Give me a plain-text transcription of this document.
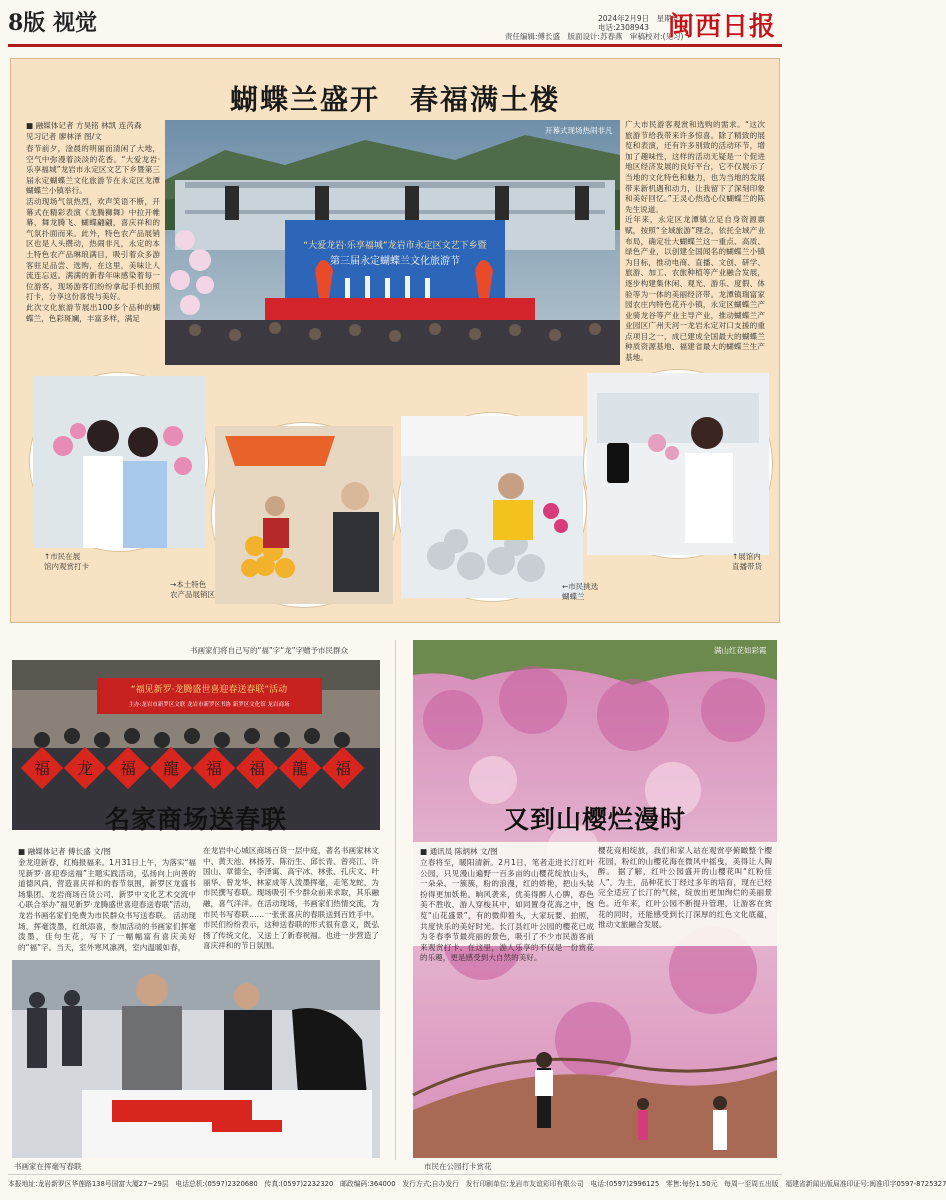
8版 视觉	2024年2月9日　星期五
电话:2308943
责任编辑:傅长盛　版面设计:苏春燕　审稿校对:(见习)
闽西日报
蝴蝶兰盛开　春福满土楼
■ 融媒体记者 方昊铭 林凯 连芮森
见习记者 廖林泽 图/文
春节前夕，淦晨的明丽而清闲了大地，空气中弥漫着淡淡的花香。“大爱龙岩·乐享福城”龙岩市永定区文艺下乡暨第三届永定蝴蝶兰文化旅游节在永定区龙潭蝴蝶兰小镇举行。
活动现场气氛热烈，欢声笑语不断，开幕式在精彩表演《龙腾狮舞》中拉开帷幕，舞龙腾飞、蝴蝶翩翩，喜庆祥和的气氛扑面而来。此外，特色农产品展销区也是人头攒动，热闹非凡，永定的本土特色农产品琳琅满目，吸引着众多游客驻足品尝、选购，在这里，美味让人流连忘返。满满的新春年味感染着每一位游客，现场游客们纷纷拿起手机拍照打卡，分享这份喜悦与美好。
此次文化旅游节展出100多个品种的蝴蝶兰，色彩斑斓，丰富多样，满足
广大市民游客观赏和选购的需求。“这次旅游节给我带来许多惊喜。除了精致的展览和表演，还有许多别致的活动环节，增加了趣味性，这样的活动无疑是一个促进地区经济发展的良好平台，它不仅展示了当地的文化特色和魅力，也为当地的发展带来新机遇和动力，让我留下了深刻印象和美好回忆。”王灵心热选心仪蝴蝶兰的陈先生说道。
近年来，永定区龙潭镇立足自身资源禀赋，按照“全域旅游”理念，依托全域产业布局，确定壮大蝴蝶兰这一重点、高质、绿色产业，以创建全国闻名的蝴蝶兰小镇为目标，推动电商、直播、文创、研学、旅游、加工、农旅种植等产业融合发展，逐步构建集休闲、观光、游乐、度假、体验等为一体的美丽经济带。龙潭镇瑞富家园农庄内特色花卉小镇，永定区蝴蝶兰产业骑龙谷等产业主导产业，推动蝴蝶兰产业园区广州天河一龙岩永定对口支援的重点项目之一，成已建成全国最大的蝴蝶兰种质资源基地、福建省最大的蝴蝶兰生产基地。
“大爱龙岩·乐享福城”龙岩市永定区文艺下乡暨
第三届永定蝴蝶兰文化旅游节
开幕式现场热闹非凡
↑市民在展
馆内观赏打卡
→本土特色
农产品展销区
←市民挑选
蝴蝶兰
↑展馆内
直播带货
书画家们将自己写的“福”字“龙”字赠予市民群众
“福见新罗·龙腾盛世喜迎春送春联”活动
主办:龙岩市新罗区文联 龙岩市新罗区书协 新罗区文化馆 龙岩商场
福 龙 福 龍 福 福 龍 福
名家商场送春联
■ 融媒体记者 傅长盛 文/图
金龙迎新春，红梅报福来。1月31日上午，为落实“福见新罗·喜迎春送福”主题实践活动，弘扬向上向善的道德风尚，营造喜庆祥和的春节氛围，新罗区龙盛书场集团、龙岩商场百货公司、新罗中文化艺术交流中心联合举办“福见新罗·龙腾盛世喜迎春送春联”活动，龙岩书画名家们免费为市民群众书写送春联。 活动现场，挥毫泼墨，红纸添喜，参加活动的书画家们挥毫泼墨，佳句生花，写下了一幅幅富有喜庆美好的“福”字。当天，室外寒风凛冽，室内温暖如春，
在龙岩中心城区商场百货一层中庭，著名书画家林文中、黄天池、林扬芳、陈衍生、邱长青、曾亮江、许国山、章德全、李泽寓、高宇冰、林张、孔庆文、叶丽华、曾龙华、林家成等人泼墨挥毫，走笔龙蛇，为市民撰写春联。现场吸引不少群众前来求取，其乐融融，喜气洋洋。在活动现场，书画家们热情交流，为市民书写春联……一张张喜庆的春联送到百姓手中。市民们纷纷表示，这种送春联的形式很有意义，既弘扬了传统文化，又送上了新春祝福。也进一步营造了喜庆祥和的节日氛围。
书画家在挥毫写春联
满山红花如彩霞
又到山樱烂漫时
■ 通讯员 陈炳林 文/图
立春将至，暖阳清新。2月1日，笔者走进长汀红叶公园，只见漫山遍野一百多亩的山樱花绽放山头，一朵朵、一簇簇，粉的浪漫，红的娇艳，把山头装扮得更加妖艳。晌风袭来，优美得醉人心脾，春色美不胜收，游人穿梭其中，如同置身花海之中，饱览“山花盛景”，有的微仰着头，大家玩要、拍照，共度快乐的美好时光。长汀县红叶公园的樱花已成为冬春季节最亮丽的景色，吸引了不少市民游客前来观赏打卡。在这里，游人乐享的不仅是一份赏花的乐趣，更是感受到大自然的美好。
樱花竞相绽放，我们和家人站在观赏亭俯瞰整个樱花园，粉红的山樱花海在微风中摇曳，美得让人陶醉。 据了解，红叶公园盛开的山樱花叫“红粉佳人”，为主，品种花长丁经过多年的培育，现在已经完全适应了长汀的气候，绽放出更加绚烂的美丽景色。近年来，红叶公园不断提升管理，让游客在赏花的同时，还能感受到长汀深厚的红色文化底蕴，推动文旅融合发展。
市民在公园打卡赏花
本报地址:龙岩新罗区华莲路138号国富大厦27~29层　电话总机:(0597)2320680　传真:(0597)2232320　邮政编码:364000　发行方式:自办发行　发行印刷单位:龙岩市友谊彩印有限公司　电话:(0597)2996125　零售:每份1.50元　每周一至周五出版　福建省新闻出版局准印证号:闽准印字0597-8725327
